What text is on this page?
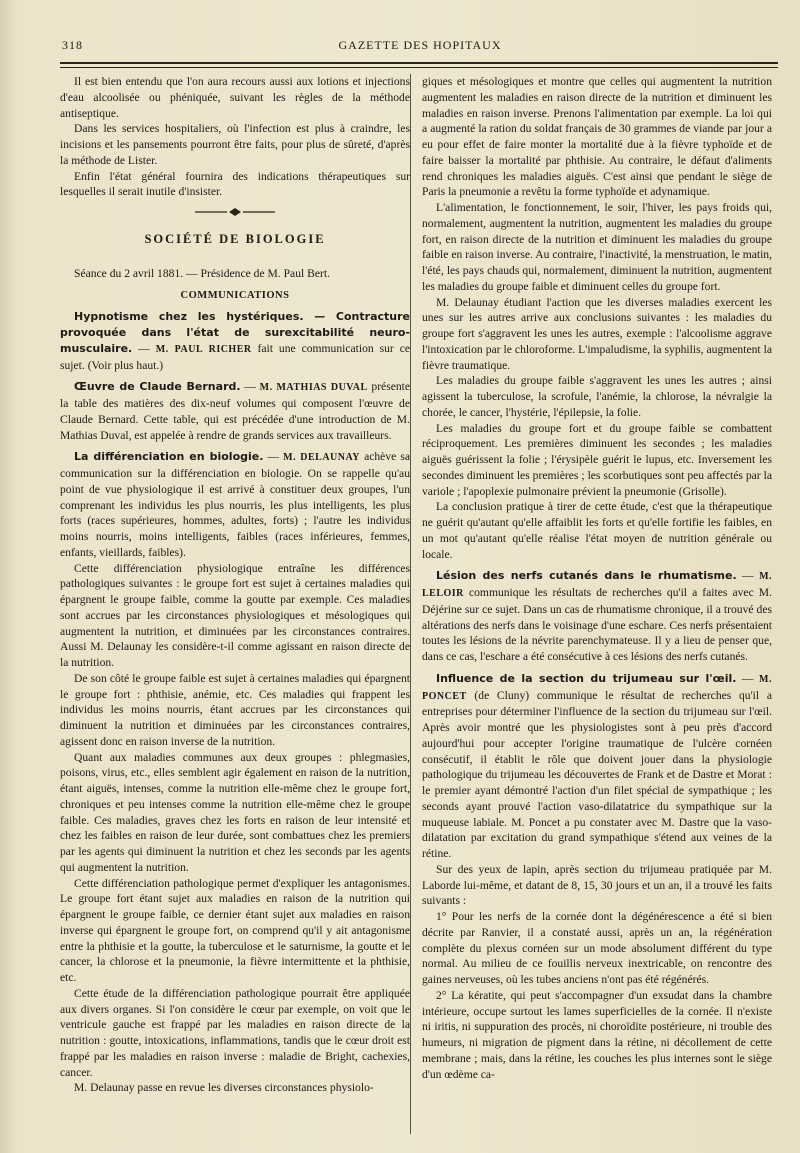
318	GAZETTE DES HOPITAUX

Il est bien entendu que l'on aura recours aussi aux lotions et injections d'eau alcoolisée ou phéniquée, suivant les règles de la méthode antiseptique.

Dans les services hospitaliers, où l'infection est plus à craindre, les incisions et les pansements pourront être faits, pour plus de sûreté, d'après la méthode de Lister.

Enfin l'état général fournira des indications thérapeutiques sur lesquelles il serait inutile d'insister.

SOCIÉTÉ DE BIOLOGIE

Séance du 2 avril 1881. — Présidence de M. Paul Bert.

COMMUNICATIONS

Hypnotisme chez les hystériques. — Contracture provoquée dans l'état de surexcitabilité neuro-musculaire. — M. PAUL RICHER fait une communication sur ce sujet. (Voir plus haut.)

Œuvre de Claude Bernard. — M. MATHIAS DUVAL présente la table des matières des dix-neuf volumes qui composent l'œuvre de Claude Bernard. Cette table, qui est précédée d'une introduction de M. Mathias Duval, est appelée à rendre de grands services aux travailleurs.

La différenciation en biologie. — M. DELAUNAY achève sa communication sur la différenciation en biologie. On se rappelle qu'au point de vue physiologique il est arrivé à constituer deux groupes, l'un comprenant les individus les plus nourris, les plus intelligents, les plus forts (races supérieures, hommes, adultes, forts) ; l'autre les individus moins nourris, moins intelligents, faibles (races inférieures, femmes, enfants, vieillards, faibles).

Cette différenciation physiologique entraîne les différences pathologiques suivantes : le groupe fort est sujet à certaines maladies qui épargnent le groupe faible, comme la goutte par exemple. Ces maladies sont accrues par les circonstances physiologiques et mésologiques qui augmentent la nutrition, et diminuées par les circonstances contraires. Aussi M. Delaunay les considère-t-il comme agissant en raison directe de la nutrition.

De son côté le groupe faible est sujet à certaines maladies qui épargnent le groupe fort : phthisie, anémie, etc. Ces maladies qui frappent les individus les moins nourris, étant accrues par les circonstances qui diminuent la nutrition et diminuées par les circonstances contraires, agissent donc en raison inverse de la nutrition.

Quant aux maladies communes aux deux groupes : phlegmasies, poisons, virus, etc., elles semblent agir également en raison de la nutrition, étant aiguës, intenses, comme la nutrition elle-même chez le groupe fort, chroniques et peu intenses comme la nutrition elle-même chez le groupe faible. Ces maladies, graves chez les forts en raison de leur intensité et chez les faibles en raison de leur durée, sont combattues chez les premiers par les agents qui diminuent la nutrition et chez les seconds par les agents qui augmentent la nutrition.

Cette différenciation pathologique permet d'expliquer les antagonismes. Le groupe fort étant sujet aux maladies en raison de la nutrition qui épargnent le groupe faible, ce dernier étant sujet aux maladies en raison inverse qui épargnent le groupe fort, on comprend qu'il y ait antagonisme entre la phthisie et la goutte, la tuberculose et le saturnisme, la goutte et le cancer, la chlorose et la pneumonie, la fièvre intermittente et la phthisie, etc.

Cette étude de la différenciation pathologique pourrait être appliquée aux divers organes. Si l'on considère le cœur par exemple, on voit que le ventricule gauche est frappé par les maladies en raison directe de la nutrition : goutte, intoxications, inflammations, tandis que le cœur droit est frappé par les maladies en raison inverse : maladie de Bright, cachexies, cancer.

M. Delaunay passe en revue les diverses circonstances physiolo-

giques et mésologiques et montre que celles qui augmentent la nutrition augmentent les maladies en raison directe de la nutrition et diminuent les maladies en raison inverse. Prenons l'alimentation par exemple. La loi qui a augmenté la ration du soldat français de 30 grammes de viande par jour a eu pour effet de faire monter la mortalité due à la fièvre typhoïde et de faire baisser la mortalité par phthisie. Au contraire, le défaut d'aliments rend chroniques les maladies aiguës. C'est ainsi que pendant le siège de Paris la pneumonie a revêtu la forme typhoïde et adynamique.

L'alimentation, le fonctionnement, le soir, l'hiver, les pays froids qui, normalement, augmentent la nutrition, augmentent les maladies du groupe fort, en raison directe de la nutrition et diminuent les maladies du groupe faible en raison inverse. Au contraire, l'inactivité, la menstruation, le matin, l'été, les pays chauds qui, normalement, diminuent la nutrition, augmentent les maladies du groupe faible et diminuent celles du groupe fort.

M. Delaunay étudiant l'action que les diverses maladies exercent les unes sur les autres arrive aux conclusions suivantes : les maladies du groupe fort s'aggravent les unes les autres, exemple : l'alcoolisme aggrave l'intoxication par le chloroforme. L'impaludisme, la syphilis, augmentent la fièvre traumatique.

Les maladies du groupe faible s'aggravent les unes les autres ; ainsi agissent la tuberculose, la scrofule, l'anémie, la chlorose, la névralgie la chorée, le cancer, l'hystérie, l'épilepsie, la folie.

Les maladies du groupe fort et du groupe faible se combattent réciproquement. Les premières diminuent les secondes ; les maladies aiguës guérissent la folie ; l'érysipèle guérit le lupus, etc. Inversement les secondes diminuent les premières ; les scorbutiques sont peu affectés par la variole ; l'apoplexie pulmonaire prévient la pneumonie (Grisolle).

La conclusion pratique à tirer de cette étude, c'est que la thérapeutique ne guérit qu'autant qu'elle affaiblit les forts et qu'elle fortifie les faibles, en un mot qu'autant qu'elle réalise l'état moyen de nutrition générale ou locale.

Lésion des nerfs cutanés dans le rhumatisme. — M. LELOIR communique les résultats de recherches qu'il a faites avec M. Déjérine sur ce sujet. Dans un cas de rhumatisme chronique, il a trouvé des altérations des nerfs dans le voisinage d'une eschare. Ces nerfs présentaient toutes les lésions de la névrite parenchymateuse. Il y a lieu de penser que, dans ce cas, l'eschare a été consécutive à ces lésions des nerfs cutanés.

Influence de la section du trijumeau sur l'œil. — M. PONCET (de Cluny) communique le résultat de recherches qu'il a entreprises pour déterminer l'influence de la section du trijumeau sur l'œil. Après avoir montré que les physiologistes sont à peu près d'accord aujourd'hui pour accepter l'origine traumatique de l'ulcère cornéen consécutif, il établit le rôle que doivent jouer dans la physiologie pathologique du trijumeau les découvertes de Frank et de Dastre et Morat : le premier ayant démontré l'action d'un filet spécial de sympathique ; les seconds ayant prouvé l'action vaso-dilatatrice du sympathique sur la muqueuse labiale. M. Poncet a pu constater avec M. Dastre que la vaso-dilatation par excitation du grand sympathique s'étend aux veines de la rétine.

Sur des yeux de lapin, après section du trijumeau pratiquée par M. Laborde lui-même, et datant de 8, 15, 30 jours et un an, il a trouvé les faits suivants :

1° Pour les nerfs de la cornée dont la dégénérescence a été si bien décrite par Ranvier, il a constaté aussi, après un an, la régénération complète du plexus cornéen sur un mode absolument différent du type normal. Au milieu de ce fouillis nerveux inextricable, on rencontre des gaines nerveuses, où les tubes anciens n'ont pas été régénérés.

2° La kératite, qui peut s'accompagner d'un exsudat dans la chambre intérieure, occupe surtout les lames superficielles de la cornée. Il n'existe ni iritis, ni suppuration des procès, ni choroïdite postérieure, ni trouble des humeurs, ni migration de pigment dans la rétine, ni décollement de cette membrane ; mais, dans la rétine, les couches les plus internes sont le siège d'un œdème ca-
